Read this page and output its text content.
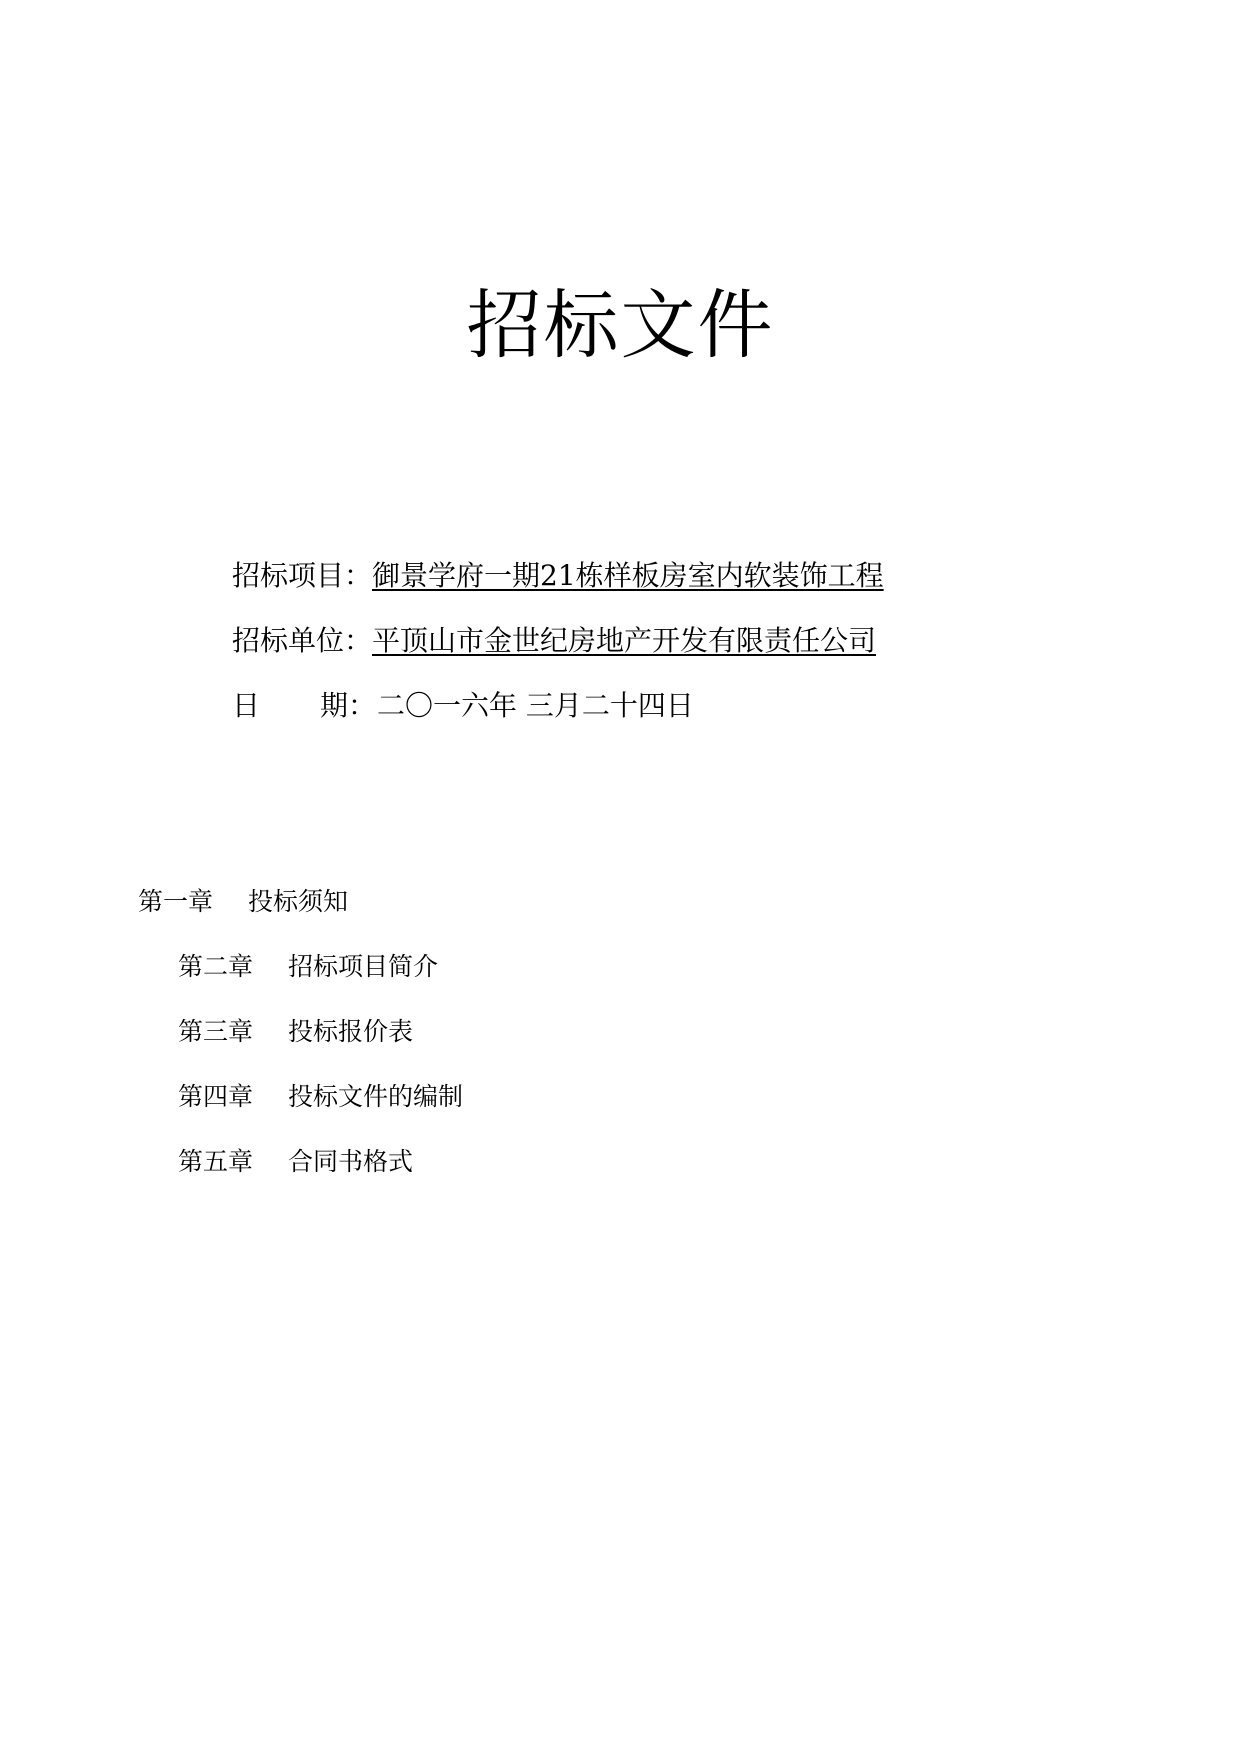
招标文件
招标项目：御景学府一期21栋样板房室内软装饰工程
招标单位：平顶山市金世纪房地产开发有限责任公司
日 期：二〇一六年 三月二十四日
第一章 投标须知
第二章 招标项目简介
第三章 投标报价表
第四章 投标文件的编制
第五章 合同书格式
